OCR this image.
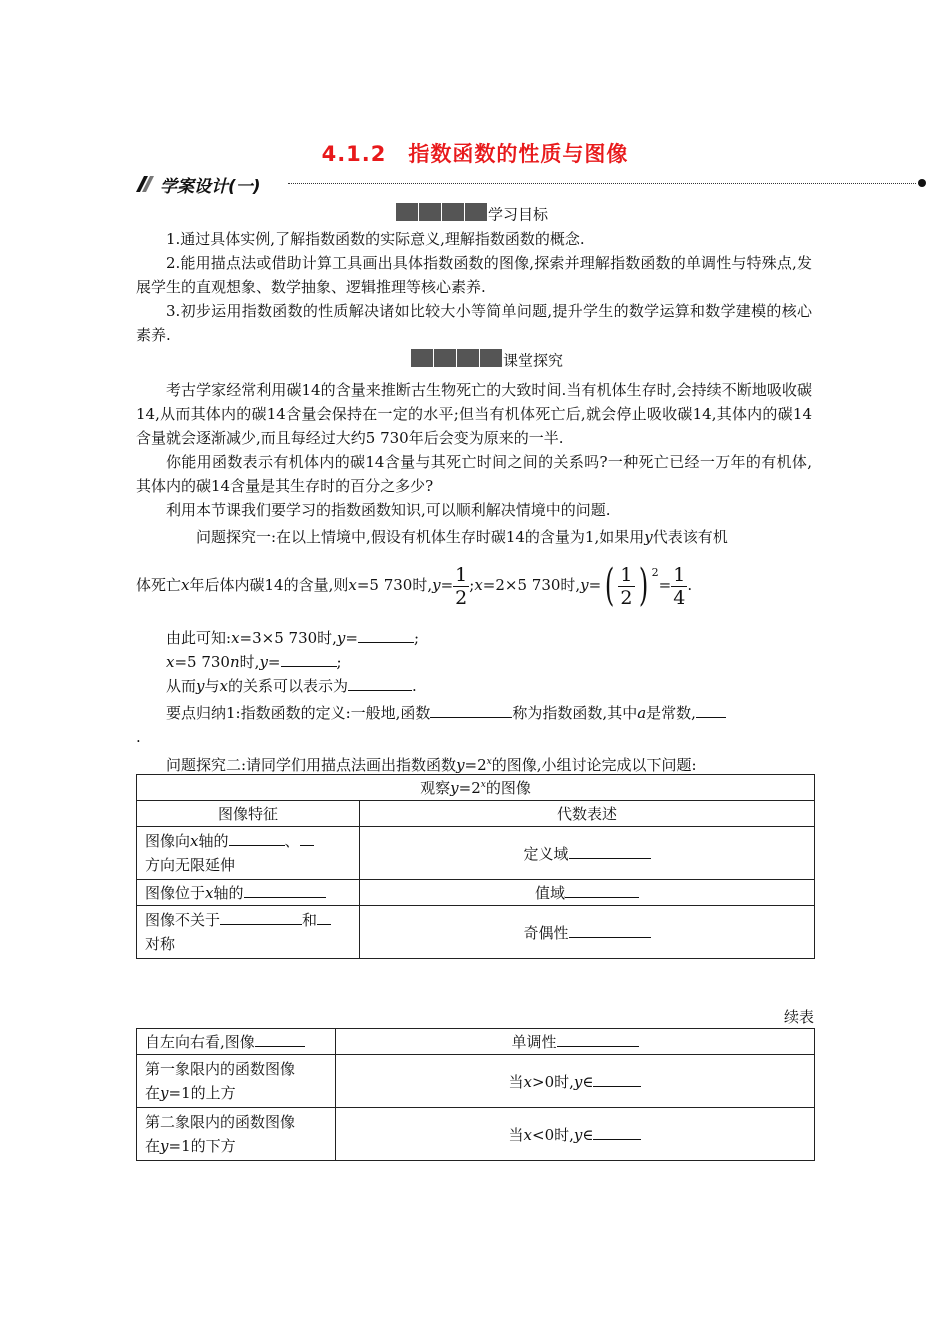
4.1.2　指数函数的性质与图像
学案设计(一)
学习目标

1.通过具体实例,了解指数函数的实际意义,理解指数函数的概念.

2.能用描点法或借助计算工具画出具体指数函数的图像,探索并理解指数函数的单调性与特殊点,发展学生的直观想象、数学抽象、逻辑推理等核心素养.

3.初步运用指数函数的性质解决诸如比较大小等简单问题,提升学生的数学运算和数学建模的核心素养.

课堂探究

考古学家经常利用碳14的含量来推断古生物死亡的大致时间.当有机体生存时,会持续不断地吸收碳14,从而其体内的碳14含量会保持在一定的水平;但当有机体死亡后,就会停止吸收碳14,其体内的碳14含量就会逐渐减少,而且每经过大约5 730年后会变为原来的一半.

你能用函数表示有机体内的碳14含量与其死亡时间之间的关系吗?一种死亡已经一万年的有机体,其体内的碳14含量是其生存时的百分之多少?

利用本节课我们要学习的指数函数知识,可以顺利解决情境中的问题.

问题探究一:在以上情境中,假设有机体生存时碳14的含量为1,如果用y代表该有机
体死亡x年后体内碳14的含量,则x=5 730时$,y= \frac{1}{2}$ ;x=2×5 730时$,y=( \frac{1}{2}$ ) $^2= \frac{1}{4}$ .
由此可知:x=3×5 730时,y=	;
x=5 730n时,y=	;
从而y与x的关系可以表示为	.
要点归纳1:指数函数的定义:一般地,函数	称为指数函数,其中a是常数,
.
问题探究二:请同学们用描点法画出指数函数$y=2^x$的图像,小组讨论完成以下问题:
观察$y=2^x$的图像	
图像特征	代数表述
图像向x轴的 、
方向无限延伸	定义域
图像位于x轴的	值域
图像不关于 和
对称	奇偶性
续表
自左向右看,图像	单调性
第一象限内的函数图像
在y=1的上方	当x>0时,y∈
第二象限内的函数图像
在y=1的下方	当x<0时,y∈
